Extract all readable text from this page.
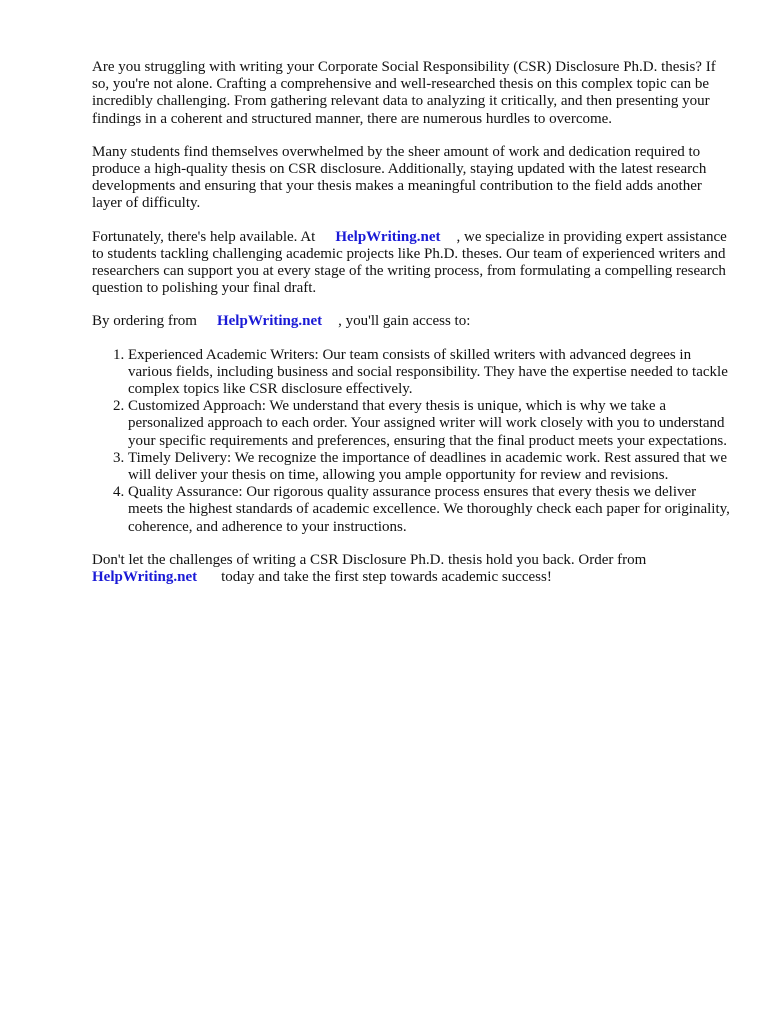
Are you struggling with writing your Corporate Social Responsibility (CSR) Disclosure Ph.D. thesis? If so, you're not alone. Crafting a comprehensive and well-researched thesis on this complex topic can be incredibly challenging. From gathering relevant data to analyzing it critically, and then presenting your findings in a coherent and structured manner, there are numerous hurdles to overcome.

Many students find themselves overwhelmed by the sheer amount of work and dedication required to produce a high-quality thesis on CSR disclosure. Additionally, staying updated with the latest research developments and ensuring that your thesis makes a meaningful contribution to the field adds another layer of difficulty.

Fortunately, there's help available. At HelpWriting.net , we specialize in providing expert assistance to students tackling challenging academic projects like Ph.D. theses. Our team of experienced writers and researchers can support you at every stage of the writing process, from formulating a compelling research question to polishing your final draft.

By ordering from HelpWriting.net , you'll gain access to:

1. Experienced Academic Writers: Our team consists of skilled writers with advanced degrees in various fields, including business and social responsibility. They have the expertise needed to tackle complex topics like CSR disclosure effectively.
2. Customized Approach: We understand that every thesis is unique, which is why we take a personalized approach to each order. Your assigned writer will work closely with you to understand your specific requirements and preferences, ensuring that the final product meets your expectations.
3. Timely Delivery: We recognize the importance of deadlines in academic work. Rest assured that we will deliver your thesis on time, allowing you ample opportunity for review and revisions.
4. Quality Assurance: Our rigorous quality assurance process ensures that every thesis we deliver meets the highest standards of academic excellence. We thoroughly check each paper for originality, coherence, and adherence to your instructions.

Don't let the challenges of writing a CSR Disclosure Ph.D. thesis hold you back. Order from
HelpWriting.net today and take the first step towards academic success!
